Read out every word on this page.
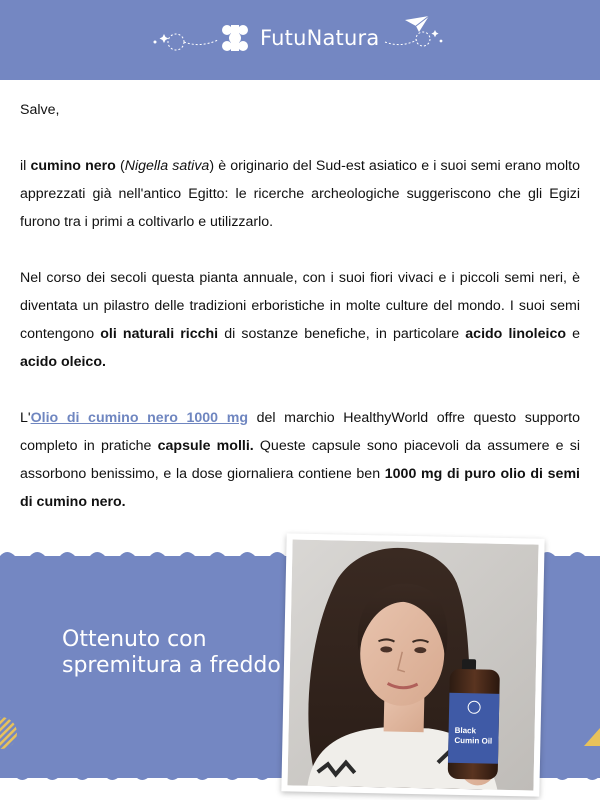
FutuNatura

Salve,

il cumino nero (Nigella sativa) è originario del Sud-est asiatico e i suoi semi erano molto apprezzati già nell'antico Egitto: le ricerche archeologiche suggeriscono che gli Egizi furono tra i primi a coltivarlo e utilizzarlo.

Nel corso dei secoli questa pianta annuale, con i suoi fiori vivaci e i piccoli semi neri, è diventata un pilastro delle tradizioni erboristiche in molte culture del mondo. I suoi semi contengono oli naturali ricchi di sostanze benefiche, in particolare acido linoleico e acido oleico.

L'Olio di cumino nero 1000 mg del marchio HealthyWorld offre questo supporto completo in pratiche capsule molli. Queste capsule sono piacevoli da assumere e si assorbono benissimo, e la dose giornaliera contiene ben 1000 mg di puro olio di semi di cumino nero.

Ottenuto con spremitura a freddo
Black
Cumin Oil
